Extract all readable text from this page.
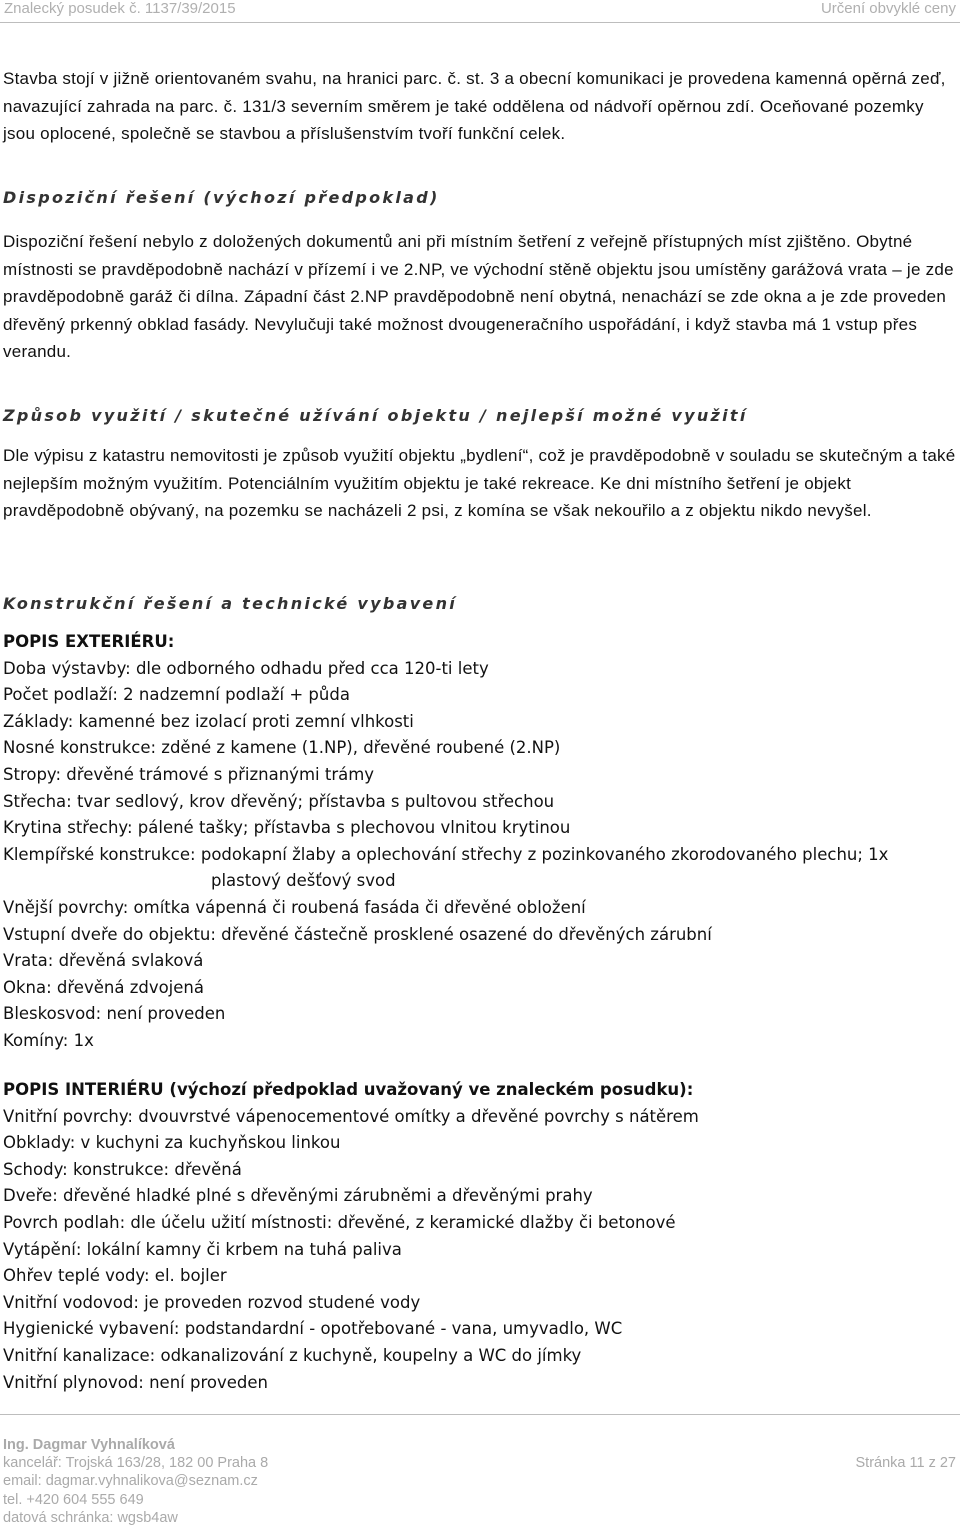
Znalecký posudek č. 1137/39/2015	Určení obvyklé ceny

Stavba stojí v jižně orientovaném svahu, na hranici parc. č. st. 3 a obecní komunikaci je provedena kamenná opěrná zeď, navazující zahrada na parc. č. 131/3 severním směrem je také oddělena od nádvoří opěrnou zdí. Oceňované pozemky jsou oplocené, společně se stavbou a příslušenstvím tvoří funkční celek.

Dispoziční řešení (výchozí předpoklad)

Dispoziční řešení nebylo z doložených dokumentů ani při místním šetření z veřejně přístupných míst zjištěno. Obytné místnosti se pravděpodobně nachází v přízemí i ve 2.NP, ve východní stěně objektu jsou umístěny garážová vrata – je zde pravděpodobně garáž či dílna. Západní část 2.NP pravděpodobně není obytná, nenachází se zde okna a je zde proveden dřevěný prkenný obklad fasády. Nevylučuji také možnost dvougeneračního uspořádání, i když stavba má 1 vstup přes verandu.

Způsob využití / skutečné užívání objektu / nejlepší možné využití

Dle výpisu z katastru nemovitosti je způsob využití objektu „bydlení“, což je pravděpodobně v souladu se skutečným a také nejlepším možným využitím. Potenciálním využitím objektu je také rekreace. Ke dni místního šetření je objekt pravděpodobně obývaný, na pozemku se nacházeli 2 psi, z komína se však nekouřilo a z objektu nikdo nevyšel.

Konstrukční řešení a technické vybavení
POPIS EXTERIÉRU:
Doba výstavby: dle odborného odhadu před cca 120-ti lety
Počet podlaží: 2 nadzemní podlaží + půda
Základy: kamenné bez izolací proti zemní vlhkosti
Nosné konstrukce: zděné z kamene (1.NP), dřevěné roubené (2.NP)
Stropy: dřevěné trámové s přiznanými trámy
Střecha: tvar sedlový, krov dřevěný; přístavba s pultovou střechou
Krytina střechy: pálené tašky; přístavba s plechovou vlnitou krytinou
Klempířské konstrukce: podokapní žlaby a oplechování střechy z pozinkovaného zkorodovaného plechu; 1x
plastový dešťový svod
Vnější povrchy: omítka vápenná či roubená fasáda či dřevěné obložení
Vstupní dveře do objektu: dřevěné částečně prosklené osazené do dřevěných zárubní
Vrata: dřevěná svlaková
Okna: dřevěná zdvojená
Bleskosvod: není proveden
Komíny: 1x
POPIS INTERIÉRU (výchozí předpoklad uvažovaný ve znaleckém posudku):
Vnitřní povrchy: dvouvrstvé vápenocementové omítky a dřevěné povrchy s nátěrem
Obklady: v kuchyni za kuchyňskou linkou
Schody: konstrukce: dřevěná
Dveře: dřevěné hladké plné s dřevěnými zárubněmi a dřevěnými prahy
Povrch podlah: dle účelu užití místnosti: dřevěné, z keramické dlažby či betonové
Vytápění: lokální kamny či krbem na tuhá paliva
Ohřev teplé vody: el. bojler
Vnitřní vodovod: je proveden rozvod studené vody
Hygienické vybavení: podstandardní - opotřebované - vana, umyvadlo, WC
Vnitřní kanalizace: odkanalizování z kuchyně, koupelny a WC do jímky
Vnitřní plynovod: není proveden
Ing. Dagmar Vyhnalíková
kancelář: Trojská 163/28, 182 00 Praha 8
email: dagmar.vyhnalikova@seznam.cz
tel. +420 604 555 649
datová schránka: wgsb4aw
Stránka 11 z 27
